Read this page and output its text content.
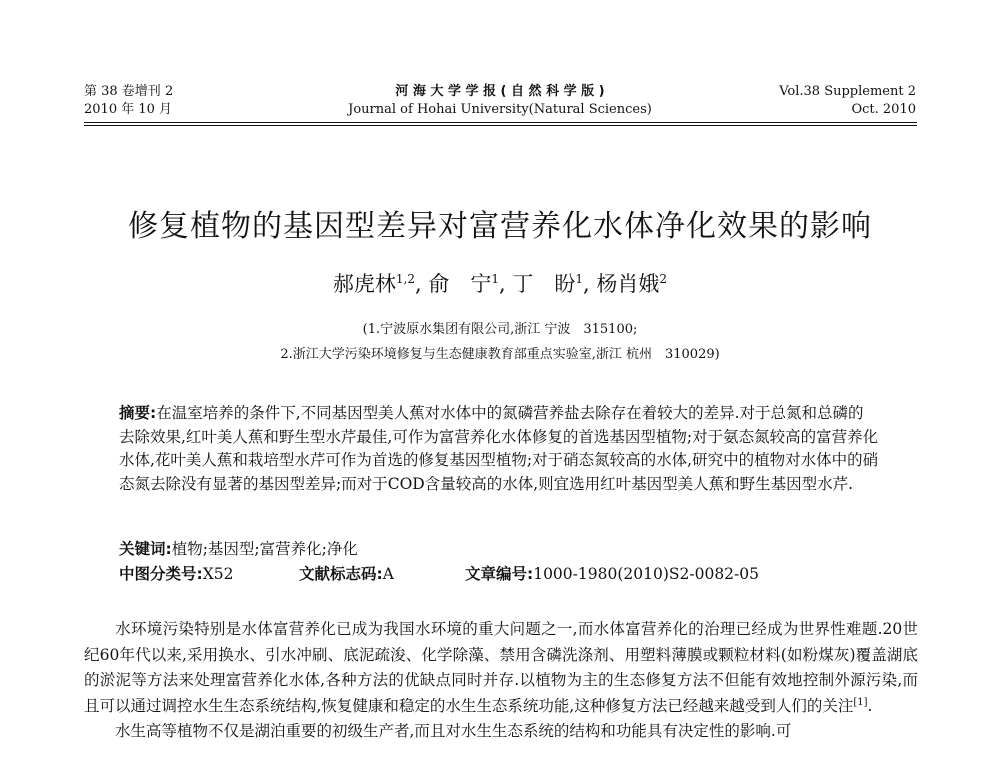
第 38 卷增刊 2
2010 年 10 月
河 海 大 学 学 报 ( 自 然 科 学 版 )
Journal of Hohai University(Natural Sciences)
Vol.38 Supplement 2
Oct. 2010
修复植物的基因型差异对富营养化水体净化效果的影响
郝虎林$^{1,2}$, 俞　宁$^1$, 丁　盼$^1$, 杨肖娥$^2$
(1.宁波原水集团有限公司,浙江 宁波　315100;
2.浙江大学污染环境修复与生态健康教育部重点实验室,浙江 杭州　310029)
摘要:在温室培养的条件下,不同基因型美人蕉对水体中的氮磷营养盐去除存在着较大的差异.对于总氮和总磷的去除效果,红叶美人蕉和野生型水芹最佳,可作为富营养化水体修复的首选基因型植物;对于氨态氮较高的富营养化水体,花叶美人蕉和栽培型水芹可作为首选的修复基因型植物;对于硝态氮较高的水体,研究中的植物对水体中的硝态氮去除没有显著的基因型差异;而对于COD含量较高的水体,则宜选用红叶基因型美人蕉和野生基因型水芹.
关键词:植物;基因型;富营养化;净化
中图分类号:X52	文献标志码:A	文章编号:1000-1980(2010)S2-0082-05
水环境污染特别是水体富营养化已成为我国水环境的重大问题之一,而水体富营养化的治理已经成为世界性难题.20世纪60年代以来,采用换水、引水冲刷、底泥疏浚、化学除藻、禁用含磷洗涤剂、用塑料薄膜或颗粒材料(如粉煤灰)覆盖湖底的淤泥等方法来处理富营养化水体,各种方法的优缺点同时并存.以植物为主的生态修复方法不但能有效地控制外源污染,而且可以通过调控水生生态系统结构,恢复健康和稳定的水生生态系统功能,这种修复方法已经越来越受到人们的关注[1].
水生高等植物不仅是湖泊重要的初级生产者,而且对水生生态系统的结构和功能具有决定性的影响.可
